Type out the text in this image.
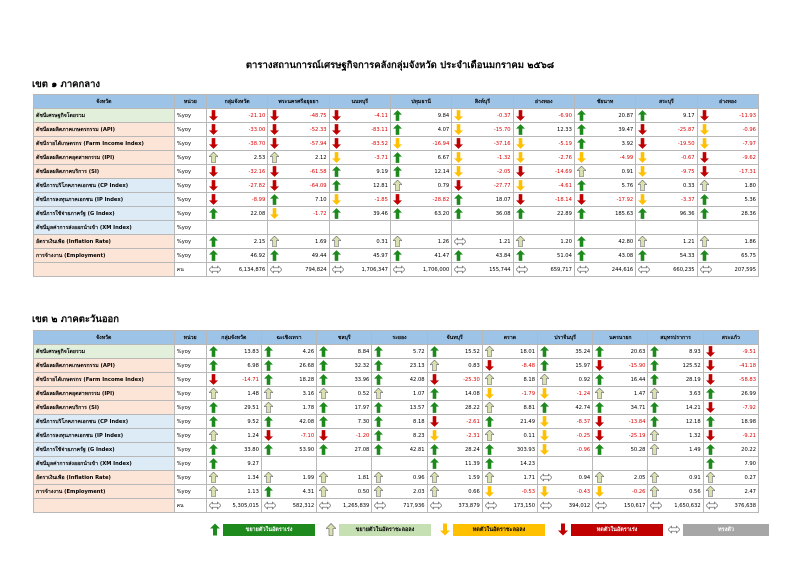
ตารางสถานการณ์เศรษฐกิจการคลังกลุ่มจังหวัด ประจำเดือนมกราคม ๒๕๖๘
เขต ๑ ภาคกลาง
จังหวัด	หน่วย	กลุ่มจังหวัด	พระนครศรีอยุธยา	นนทบุรี	ปทุมธานี	สิงห์บุรี	อ่างทอง	ชัยนาท	สระบุรี	อ่างทอง
ดัชนีเศรษฐกิจโดยรวม	%yoy	-21.10	-48.75	-4.11	9.84	-0.37	-6.90	20.87	9.17	-11.93
ดัชนีผลผลิตภาคเกษตรกรรม (API)	%yoy	-33.00	-52.33	-83.11	4.07	-15.70	12.33	39.47	-25.87	-0.96
ดัชนีรายได้เกษตรกร (Farm Income Index)	%yoy	-38.70	-57.94	-83.52	-16.94	-37.16	-5.19	3.92	-19.50	-7.97
ดัชนีผลผลิตภาคอุตสาหกรรม (IPI)	%yoy	2.53	2.12	-3.71	6.67	-1.32	-2.76	-4.99	-0.67	-9.62
ดัชนีผลผลิตภาคบริการ (SI)	%yoy	-32.16	-61.58	9.19	12.14	-2.05	-14.69	0.91	-9.75	-17.31
ดัชนีการบริโภคภาคเอกชน (CP Index)	%yoy	-27.82	-64.09	12.81	0.79	-27.77	-4.61	5.76	0.33	1.80
ดัชนีการลงทุนภาคเอกชน (IP Index)	%yoy	-8.99	7.10	-1.85	-28.82	18.07	-18.14	-17.92	-3.37	5.36
ดัชนีการใช้จ่ายภาครัฐ (G Index)	%yoy	22.08	-1.72	39.46	63.20	36.08	22.89	185.63	96.36	28.36
ดัชนีมูลค่าการส่งออกนำเข้า (XM Index)	%yoy									
อัตราเงินเฟ้อ (Inflation Rate)	%yoy	2.15	1.69	0.31	1.26	1.21	1.20	42.80	1.21	1.86
การจ้างงาน (Employment)	%yoy	46.92	49.44	45.97	41.47	43.84	51.04	43.08	54.33	65.75
	คน	6,134,876	794,824	1,706,347	1,706,000	155,744	659,717	244,616	660,235	207,595
เขต ๒ ภาคตะวันออก
จังหวัด	หน่วย	กลุ่มจังหวัด	ฉะเชิงเทรา	ชลบุรี	ระยอง	จันทบุรี	ตราด	ปราจีนบุรี	นครนายก	สมุทรปราการ	สระแก้ว
ดัชนีเศรษฐกิจโดยรวม	%yoy	13.83	4.26	8.84	5.72	15.52	18.01	35.24	20.63	8.93	-9.51
ดัชนีผลผลิตภาคเกษตรกรรม (API)	%yoy	6.98	26.68	32.32	23.13	0.83	-8.48	15.97	-15.90	125.52	-41.18
ดัชนีรายได้เกษตรกร (Farm Income Index)	%yoy	-14.71	18.28	33.96	42.08	-25.30	8.18	0.92	16.44	28.19	-58.83
ดัชนีผลผลิตภาคอุตสาหกรรม (IPI)	%yoy	1.48	3.16	0.52	1.07	14.08	-1.79	-1.24	1.47	3.63	26.99
ดัชนีผลผลิตภาคบริการ (SI)	%yoy	29.51	1.78	17.97	13.57	28.22	8.81	42.74	34.71	14.21	-7.92
ดัชนีการบริโภคภาคเอกชน (CP Index)	%yoy	9.52	42.08	7.30	8.18	-2.61	21.49	-8.37	-13.84	12.18	18.98
ดัชนีการลงทุนภาคเอกชน (IP Index)	%yoy	1.24	-7.10	-1.20	8.23	-2.31	0.11	-0.25	-25.19	1.32	-9.21
ดัชนีการใช้จ่ายภาครัฐ (G Index)	%yoy	33.80	53.90	27.08	42.81	28.24	303.93	-0.96	50.28	1.49	20.22
ดัชนีมูลค่าการส่งออกนำเข้า (XM Index)	%yoy	9.27				11.39	14.23				7.90
อัตราเงินเฟ้อ (Inflation Rate)	%yoy	1.34	1.99	1.81	0.96	1.59	1.71	0.94	2.05	0.91	0.27
การจ้างงาน (Employment)	%yoy	1.13	4.31	0.50	2.03	0.66	-0.53	-0.43	-0.26	0.56	2.47
	คน	5,305,015	582,312	1,265,839	717,936	373,879	173,150	394,012	150,617	1,650,632	376,638
ขยายตัวในอัตราเร่ง	ขยายตัวในอัตราชะลอลง	หดตัวในอัตราชะลอลง	หดตัวในอัตราเร่ง	ทรงตัว
